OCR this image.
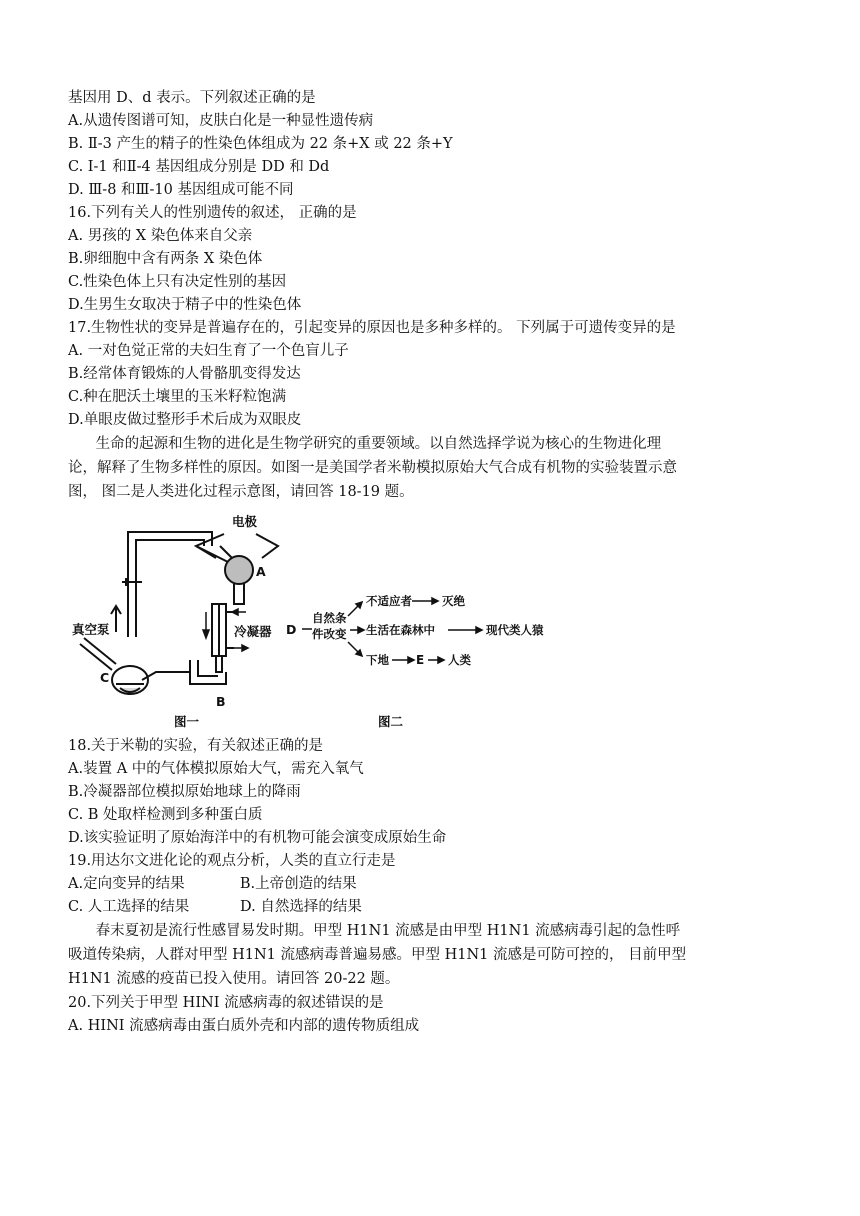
基因用 D、d 表示。下列叙述正确的是
A.从遗传图谱可知，皮肤白化是一种显性遗传病
B. Ⅱ-3 产生的精子的性染色体组成为 22 条+X 或 22 条+Y
C. Ⅰ-1 和Ⅱ-4 基因组成分别是 DD 和 Dd
D. Ⅲ-8 和Ⅲ-10 基因组成可能不同
16.下列有关人的性别遗传的叙述， 正确的是
A. 男孩的 X 染色体来自父亲
B.卵细胞中含有两条 X 染色体
C.性染色体上只有决定性别的基因
D.生男生女取决于精子中的性染色体
17.生物性状的变异是普遍存在的，引起变异的原因也是多种多样的。 下列属于可遗传变异的是
A. 一对色觉正常的夫妇生育了一个色盲儿子
B.经常体育锻炼的人骨骼肌变得发达
C.种在肥沃土壤里的玉米籽粒饱满
D.单眼皮做过整形手术后成为双眼皮
生命的起源和生物的进化是生物学研究的重要领域。以自然选择学说为核心的生物进化理
论，解释了生物多样性的原因。如图一是美国学者米勒模拟原始大气合成有机物的实验装置示意
图， 图二是人类进化过程示意图，请回答 18-19 题。
电极
A
B
C
真空泵	冷凝器
图一
D
自然条
件改变
不适应者	灭绝
生活在森林中	现代类人猿
下地 E 人类
图二
18.关于米勒的实验，有关叙述正确的是
A.装置 A 中的气体模拟原始大气，需充入氧气
B.冷凝器部位模拟原始地球上的降雨
C. B 处取样检测到多种蛋白质
D.该实验证明了原始海洋中的有机物可能会演变成原始生命
19.用达尔文进化论的观点分析，人类的直立行走是
A.定向变异的结果            B.上帝创造的结果
C. 人工选择的结果           D. 自然选择的结果
春末夏初是流行性感冒易发时期。甲型 H1N1 流感是由甲型 H1N1 流感病毒引起的急性呼
吸道传染病，人群对甲型 H1N1 流感病毒普遍易感。甲型 H1N1 流感是可防可控的， 目前甲型
H1N1 流感的疫苗已投入使用。请回答 20-22 题。
20.下列关于甲型 HINI 流感病毒的叙述错误的是
A. HINI 流感病毒由蛋白质外壳和内部的遗传物质组成
